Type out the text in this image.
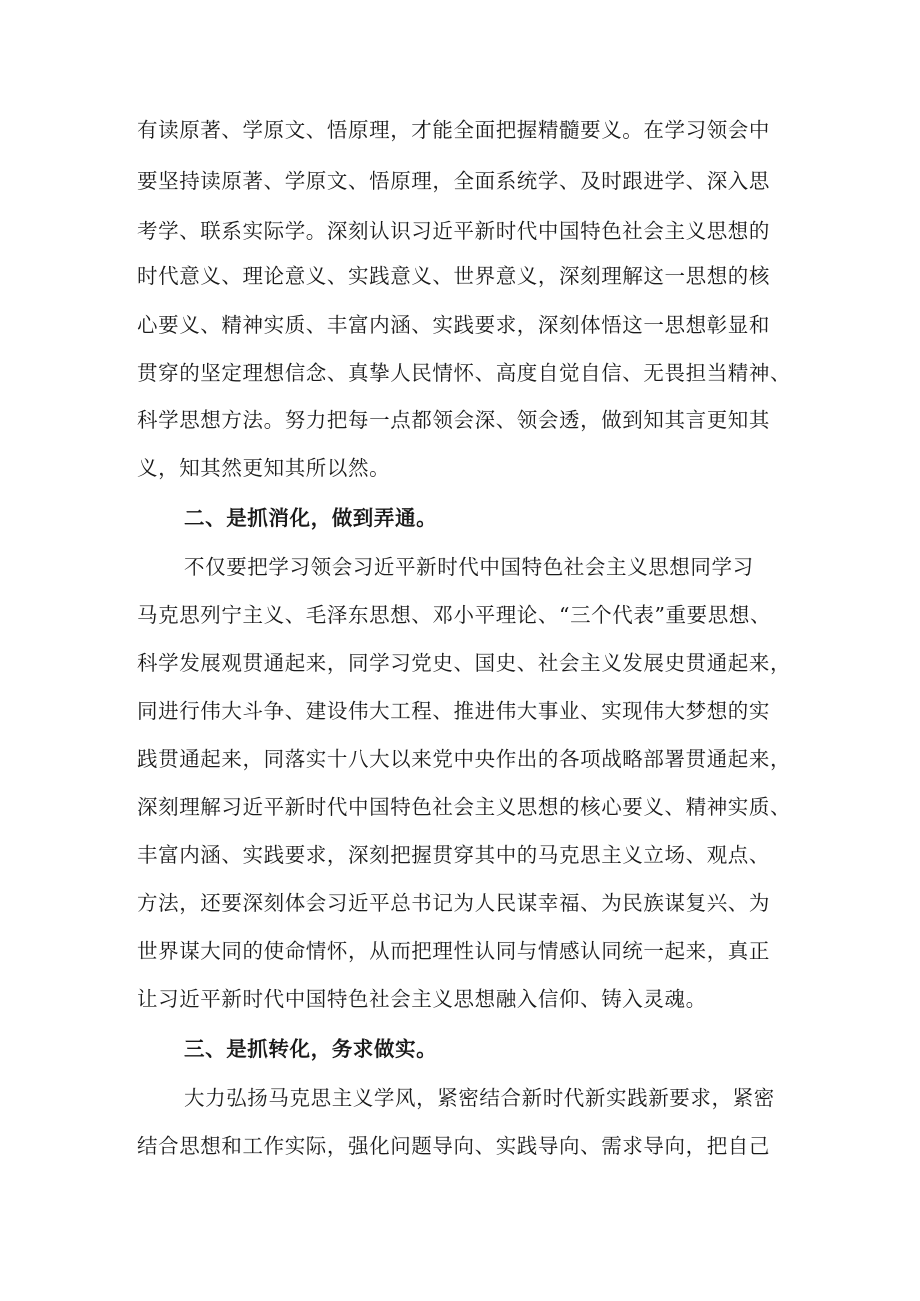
有读原著、学原文、悟原理，才能全面把握精髓要义。在学习领会中
要坚持读原著、学原文、悟原理，全面系统学、及时跟进学、深入思
考学、联系实际学。深刻认识习近平新时代中国特色社会主义思想的
时代意义、理论意义、实践意义、世界意义，深刻理解这一思想的核
心要义、精神实质、丰富内涵、实践要求，深刻体悟这一思想彰显和
贯穿的坚定理想信念、真挚人民情怀、高度自觉自信、无畏担当精神、
科学思想方法。努力把每一点都领会深、领会透，做到知其言更知其
义，知其然更知其所以然。
二、是抓消化，做到弄通。
不仅要把学习领会习近平新时代中国特色社会主义思想同学习
马克思列宁主义、毛泽东思想、邓小平理论、“三个代表”重要思想、
科学发展观贯通起来，同学习党史、国史、社会主义发展史贯通起来，
同进行伟大斗争、建设伟大工程、推进伟大事业、实现伟大梦想的实
践贯通起来，同落实十八大以来党中央作出的各项战略部署贯通起来，
深刻理解习近平新时代中国特色社会主义思想的核心要义、精神实质、
丰富内涵、实践要求，深刻把握贯穿其中的马克思主义立场、观点、
方法，还要深刻体会习近平总书记为人民谋幸福、为民族谋复兴、为
世界谋大同的使命情怀，从而把理性认同与情感认同统一起来，真正
让习近平新时代中国特色社会主义思想融入信仰、铸入灵魂。
三、是抓转化，务求做实。
大力弘扬马克思主义学风，紧密结合新时代新实践新要求，紧密
结合思想和工作实际，强化问题导向、实践导向、需求导向，把自己
